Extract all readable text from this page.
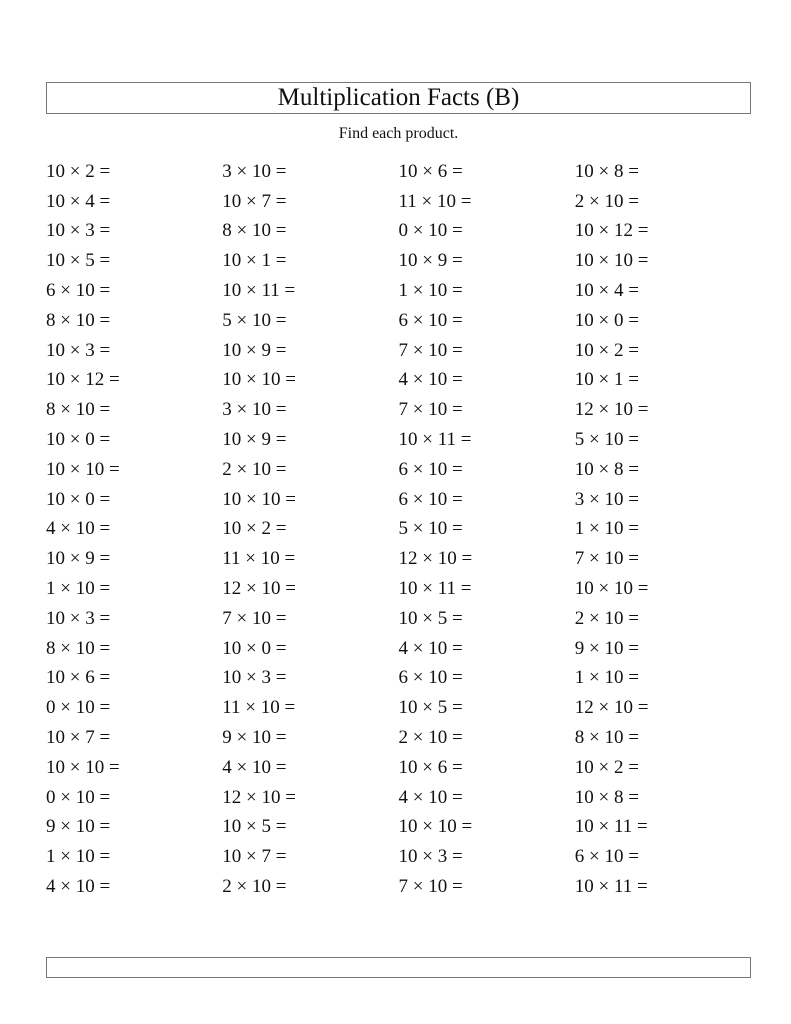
Multiplication Facts (B)
Find each product.
10 × 2 =	3 × 10 =	10 × 6 =	10 × 8 =
10 × 4 =	10 × 7 =	11 × 10 =	2 × 10 =
10 × 3 =	8 × 10 =	0 × 10 =	10 × 12 =
10 × 5 =	10 × 1 =	10 × 9 =	10 × 10 =
6 × 10 =	10 × 11 =	1 × 10 =	10 × 4 =
8 × 10 =	5 × 10 =	6 × 10 =	10 × 0 =
10 × 3 =	10 × 9 =	7 × 10 =	10 × 2 =
10 × 12 =	10 × 10 =	4 × 10 =	10 × 1 =
8 × 10 =	3 × 10 =	7 × 10 =	12 × 10 =
10 × 0 =	10 × 9 =	10 × 11 =	5 × 10 =
10 × 10 =	2 × 10 =	6 × 10 =	10 × 8 =
10 × 0 =	10 × 10 =	6 × 10 =	3 × 10 =
4 × 10 =	10 × 2 =	5 × 10 =	1 × 10 =
10 × 9 =	11 × 10 =	12 × 10 =	7 × 10 =
1 × 10 =	12 × 10 =	10 × 11 =	10 × 10 =
10 × 3 =	7 × 10 =	10 × 5 =	2 × 10 =
8 × 10 =	10 × 0 =	4 × 10 =	9 × 10 =
10 × 6 =	10 × 3 =	6 × 10 =	1 × 10 =
0 × 10 =	11 × 10 =	10 × 5 =	12 × 10 =
10 × 7 =	9 × 10 =	2 × 10 =	8 × 10 =
10 × 10 =	4 × 10 =	10 × 6 =	10 × 2 =
0 × 10 =	12 × 10 =	4 × 10 =	10 × 8 =
9 × 10 =	10 × 5 =	10 × 10 =	10 × 11 =
1 × 10 =	10 × 7 =	10 × 3 =	6 × 10 =
4 × 10 =	2 × 10 =	7 × 10 =	10 × 11 =
